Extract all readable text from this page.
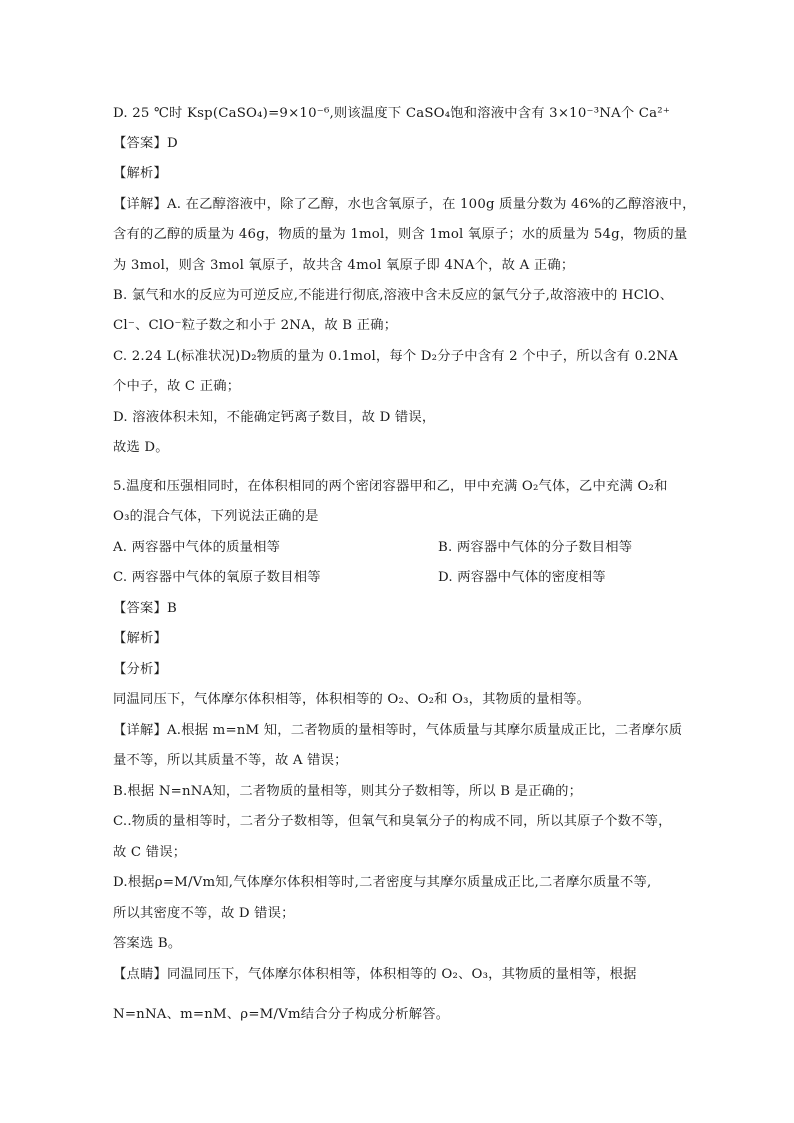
D. 25 ℃时 Ksp(CaSO₄)=9×10⁻⁶,则该温度下 CaSO₄饱和溶液中含有 3×10⁻³NA个 Ca²⁺
【答案】D
【解析】
【详解】A. 在乙醇溶液中，除了乙醇，水也含氧原子，在 100g 质量分数为 46%的乙醇溶液中，
含有的乙醇的质量为 46g，物质的量为 1mol，则含 1mol 氧原子；水的质量为 54g，物质的量
为 3mol，则含 3mol 氧原子，故共含 4mol 氧原子即 4NA个，故 A 正确；
B. 氯气和水的反应为可逆反应,不能进行彻底,溶液中含未反应的氯气分子,故溶液中的 HClO、
Cl⁻、ClO⁻粒子数之和小于 2NA，故 B 正确；
C. 2.24 L(标准状况)D₂物质的量为 0.1mol，每个 D₂分子中含有 2 个中子，所以含有 0.2NA
个中子，故 C 正确；
D. 溶液体积未知，不能确定钙离子数目，故 D 错误，
故选 D。
5.温度和压强相同时，在体积相同的两个密闭容器甲和乙，甲中充满 O₂气体，乙中充满 O₂和
O₃的混合气体，下列说法正确的是
A. 两容器中气体的质量相等	B. 两容器中气体的分子数目相等
C. 两容器中气体的氧原子数目相等	D. 两容器中气体的密度相等
【答案】B
【解析】
【分析】
同温同压下，气体摩尔体积相等，体积相等的 O₂、O₂和 O₃，其物质的量相等。
【详解】A.根据 m=nM 知，二者物质的量相等时，气体质量与其摩尔质量成正比，二者摩尔质
量不等，所以其质量不等，故 A 错误；
B.根据 N=nNA知，二者物质的量相等，则其分子数相等，所以 B 是正确的；
C..物质的量相等时，二者分子数相等，但氧气和臭氧分子的构成不同，所以其原子个数不等，
故 C 错误；
D.根据ρ=M/Vm知,气体摩尔体积相等时,二者密度与其摩尔质量成正比,二者摩尔质量不等,
所以其密度不等，故 D 错误；
答案选 B。
【点睛】同温同压下，气体摩尔体积相等，体积相等的 O₂、O₃，其物质的量相等，根据
N=nNA、m=nM、ρ=M/Vm结合分子构成分析解答。
